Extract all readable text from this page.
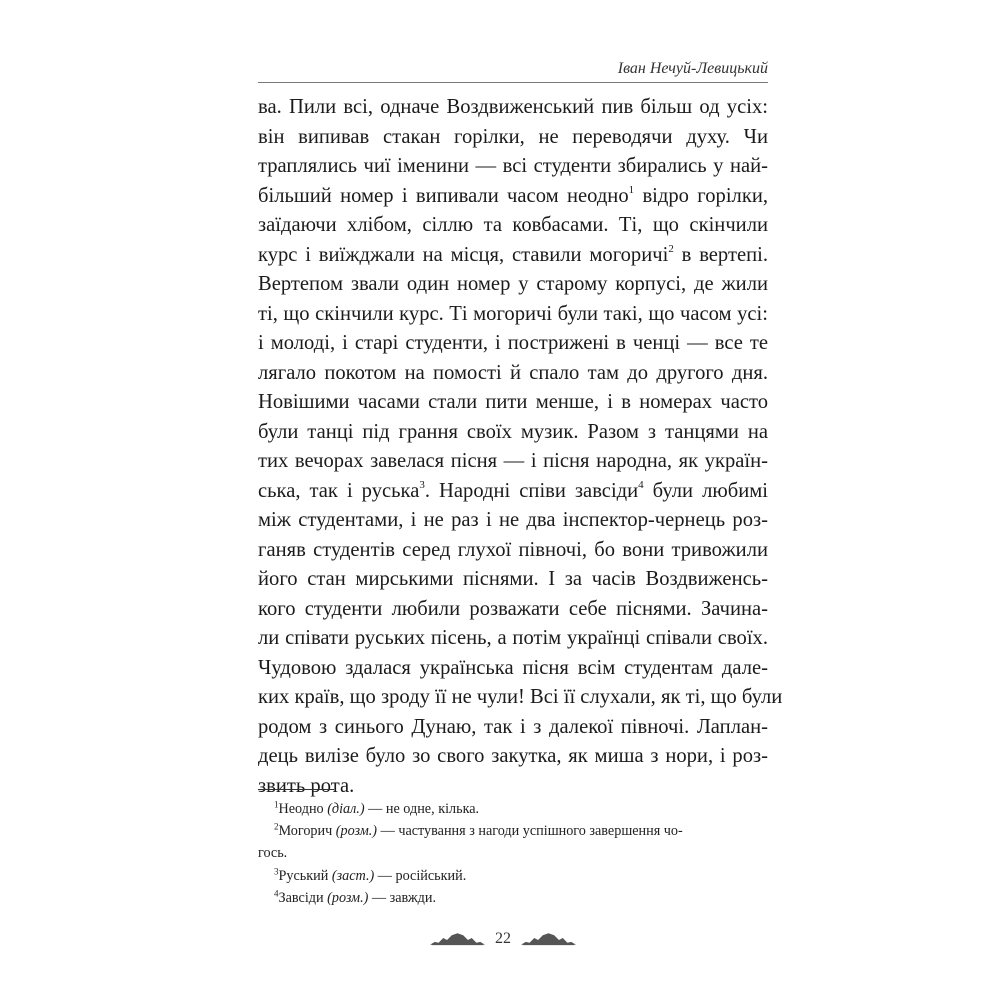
Іван Нечуй-Левицький
ва. Пили всі, одначе Воздвиженський пив більш од усіх:
він випивав стакан горілки, не переводячи духу. Чи
траплялись чиї іменини — всі студенти збирались у най-
більший номер і випивали часом неодно$^1$ відро горілки,
заїдаючи хлібом, сіллю та ковбасами. Ті, що скінчили
курс і виїжджали на місця, ставили могоричі$^2$ в вертепі.
Вертепом звали один номер у старому корпусі, де жили
ті, що скінчили курс. Ті могоричі були такі, що часом усі:
і молоді, і старі студенти, і пострижені в ченці — все те
лягало покотом на помості й спало там до другого дня.
Новішими часами стали пити менше, і в номерах часто
були танці під грання своїх музик. Разом з танцями на
тих вечорах завелася пісня — і пісня народна, як україн-
ська, так і руська$^3$. Народні співи завсіди$^4$ були любимі
між студентами, і не раз і не два інспектор-чернець роз-
ганяв студентів серед глухої півночі, бо вони тривожили
його стан мирськими піснями. І за часів Воздвиженсь-
кого студенти любили розважати себе піснями. Зачина-
ли співати руських пісень, а потім українці співали своїх.
Чудовою здалася українська пісня всім студентам дале-
ких країв, що зроду її не чули! Всі її слухали, як ті, що були
родом з синього Дунаю, так і з далекої півночі. Лаплан-
дець вилізе було зо свого закутка, як миша з нори, і роз-
звить рота.
$^1$Неодно (діал.) — не одне, кілька.
$^2$Могорич (розм.) — частування з нагоди успішного завершення чо-
гось.
$^3$Руський (заст.) — російський.
$^4$Завсіди (розм.) — завжди.
22
